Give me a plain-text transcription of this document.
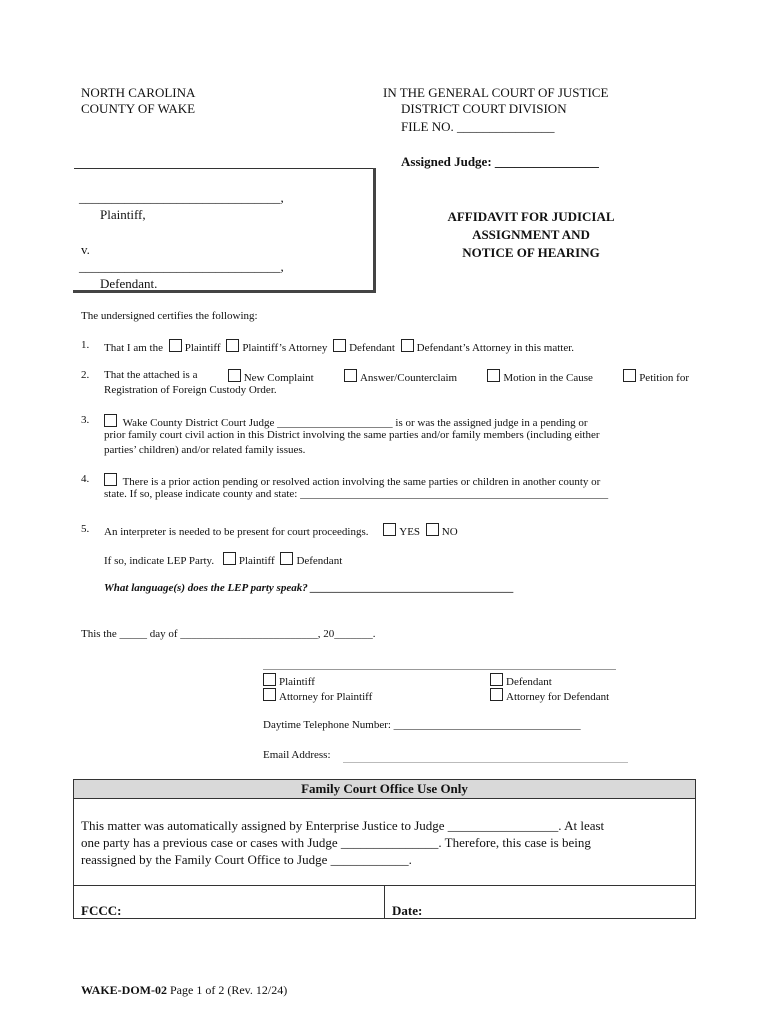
NORTH CAROLINA
COUNTY OF WAKE
IN THE GENERAL COURT OF JUSTICE
DISTRICT COURT DIVISION
FILE NO. _______________
Assigned Judge: ________________
_______________________________,
Plaintiff,
v.
_______________________________,
Defendant.
AFFIDAVIT FOR JUDICIAL
ASSIGNMENT AND
NOTICE OF HEARING
The undersigned certifies the following:
1. That I am the Plaintiff Plaintiff’s Attorney Defendant Defendant’s Attorney in this matter.
2. That the attached is a	New Complaint	Answer/Counterclaim	Motion in the Cause	Petition for
Registration of Foreign Custody Order.
3.	Wake County District Court Judge _____________________ is or was the assigned judge in a pending or
prior family court civil action in this District involving the same parties and/or family members (including either
parties’ children) and/or related family issues.
4.	There is a prior action pending or resolved action involving the same parties or children in another county or
state. If so, please indicate county and state: ________________________________________________________
5. An interpreter is needed to be present for court proceedings.	YES NO
If so, indicate LEP Party. Plaintiff Defendant
What language(s) does the LEP party speak? _____________________________________
This the _____ day of _________________________, 20_______.
Plaintiff
Attorney for Plaintiff
Defendant
Attorney for Defendant
Daytime Telephone Number: __________________________________
Email Address:
Family Court Office Use Only
This matter was automatically assigned by Enterprise Justice to Judge _________________. At least
one party has a previous case or cases with Judge _______________. Therefore, this case is being
reassigned by the Family Court Office to Judge ____________.
FCCC:	Date:
WAKE-DOM-02 Page 1 of 2 (Rev. 12/24)
